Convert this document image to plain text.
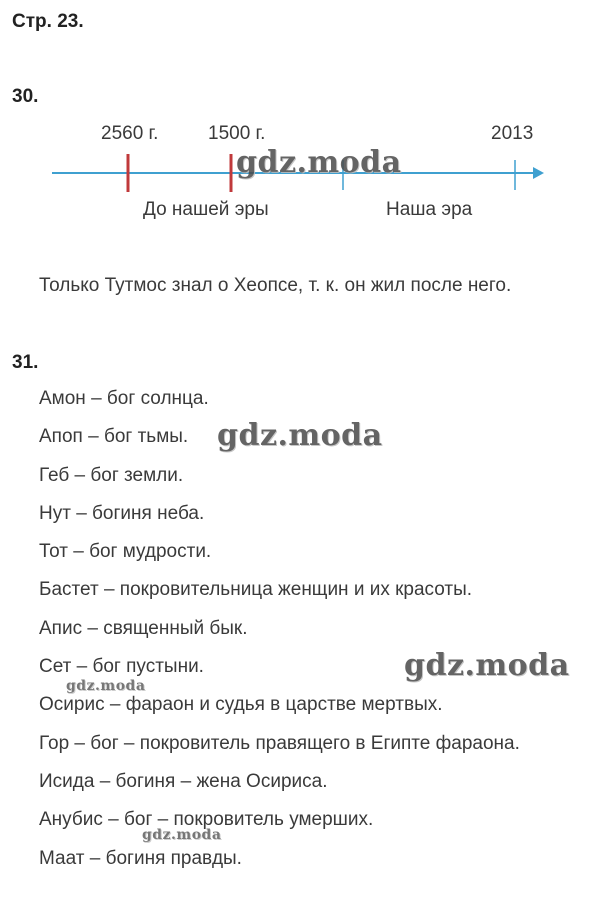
Стр. 23.
30.
2560 г.	1500 г.	2013
До нашей эры	Наша эра
Только Тутмос знал о Хеопсе, т. к. он жил после него.
31.
Амон – бог солнца.
Апоп – бог тьмы.
Геб – бог земли.
Нут – богиня неба.
Тот – бог мудрости.
Бастет – покровительница женщин и их красоты.
Апис – священный бык.
Сет – бог пустыни.
Осирис – фараон и судья в царстве мертвых.
Гор – бог – покровитель правящего в Египте фараона.
Исида – богиня – жена Осириса.
Анубис – бог – покровитель умерших.
Маат – богиня правды.
gdz.moda
gdz.moda
gdz.moda
gdz.moda
gdz.moda
